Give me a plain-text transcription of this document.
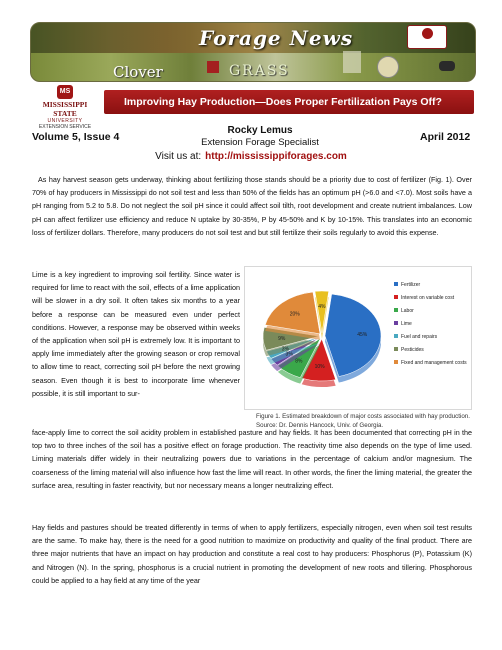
Forage News
Clover	GRASS
MS
MISSISSIPPI STATE
UNIVERSITY
EXTENSION SERVICE
Improving Hay Production—Does Proper Fertilization Pays Off?
Volume 5, Issue 4
Rocky Lemus
Extension Forage Specialist	April 2012
Visit us at: http://mississippiforages.com

As hay harvest season gets underway, thinking about fertilizing those stands should be a priority due to cost of fertilizer (Fig. 1). Over 70% of hay producers in Mississippi do not soil test and less than 50% of the fields has an optimum pH (>6.0 and <7.0). Most soils have a pH ranging from 5.2 to 5.8. Do not neglect the soil pH since it could affect soil tilth, root development and create nutrient imbalances. Low pH can affect fertilizer use efficiency and reduce N uptake by 30-35%, P by 45-50% and K by 10-15%. This translates into an economic loss of fertilizer dollars. Therefore, many producers do not soil test and but still fertilize their soils regularly to avoid this expense.

Lime is a key ingredient to improving soil fertility. Since water is required for lime to react with the soil, effects of a lime application will be slower in a dry soil. It often takes six months to a year before a response can be measured even under perfect conditions. However, a response may be observed within weeks of the application when soil pH is extremely low. It is important to apply lime immediately after the growing season or crop removal to allow time to react, correcting soil pH before the next growing season. Even though it is best to incorporate lime whenever possible, it is still important to sur-

45%
10%
8%
3%
3%
9%
20%
4%
Fertilizer
Interest on variable cost
Labor
Lime
Fuel and repairs
Pesticides
Fixed and management costs
Figure 1. Estimated breakdown of major costs associated with hay production.
Source: Dr. Dennis Hancock, Univ. of Georgia.

face-apply lime to correct the soil acidity problem in established pasture and hay fields. It has been documented that correcting pH in the top two to three inches of the soil has a positive effect on forage production. The reactivity time also depends on the type of lime used. Liming materials differ widely in their neutralizing powers due to variations in the percentage of calcium and/or magnesium. The coarseness of the liming material will also influence how fast the lime will react. In other words, the finer the liming material, the greater the surface area, resulting in faster reactivity, but nor necessary means a longer neutralizing effect.

Hay fields and pastures should be treated differently in terms of when to apply fertilizers, especially nitrogen, even when soil test results are the same. To make hay, there is the need for a good nutrition to maximize on productivity and quality of the final product. There are three major nutrients that have an impact on hay production and constitute a real cost to hay producers: Phosphorus (P), Potassium (K) and Nitrogen (N). In the spring, phosphorus is a crucial nutrient in promoting the development of new roots and tillering. Phosphorous could be applied to a hay field at any time of the year
